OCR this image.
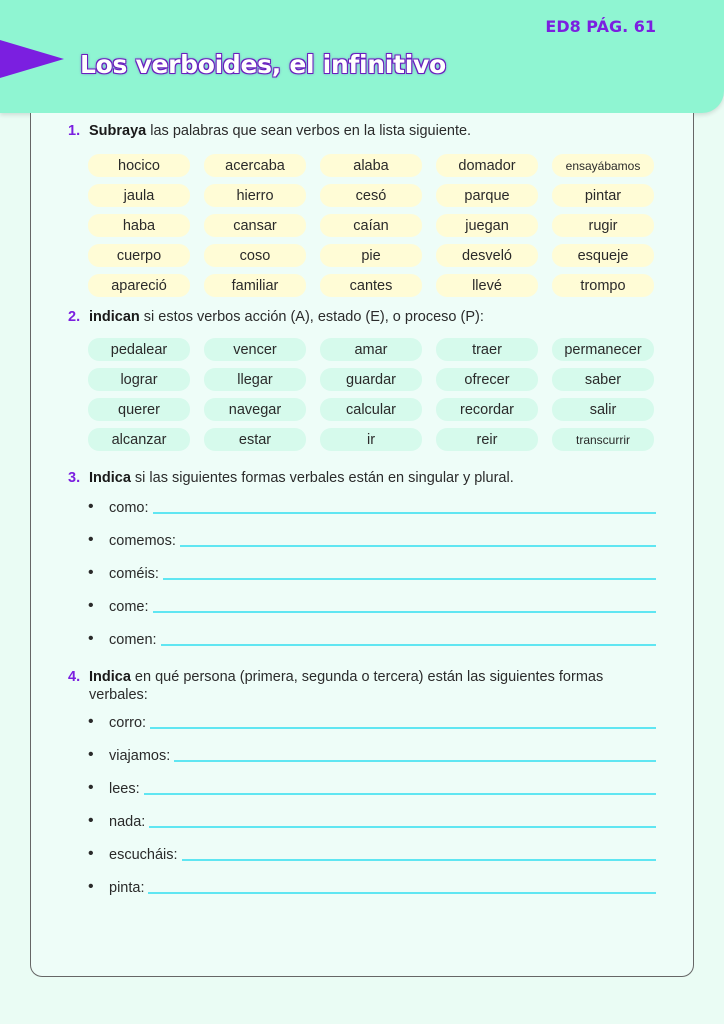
Los verboides, el infinitivo
ED8 PÁG. 61
1. Subraya las palabras que sean verbos en la lista siguiente.
hocico	acercaba	alaba	domador	ensayábamos
jaula	hierro	cesó	parque	pintar
haba	cansar	caían	juegan	rugir
cuerpo	coso	pie	desveló	esqueje
apareció	familiar	cantes	llevé	trompo
2. indican si estos verbos acción (A), estado (E), o proceso (P):
pedalear	vencer	amar	traer	permanecer
lograr	llegar	guardar	ofrecer	saber
querer	navegar	calcular	recordar	salir
alcanzar	estar	ir	reir	transcurrir
3. Indica si las siguientes formas verbales están en singular y plural.
•	como:
•	comemos:
•	coméis:
•	come:
•	comen:
4. Indica en qué persona (primera, segunda o tercera) están las siguientes formas verbales:
•	corro:
•	viajamos:
•	lees:
•	nada:
•	escucháis:
•	pinta:
